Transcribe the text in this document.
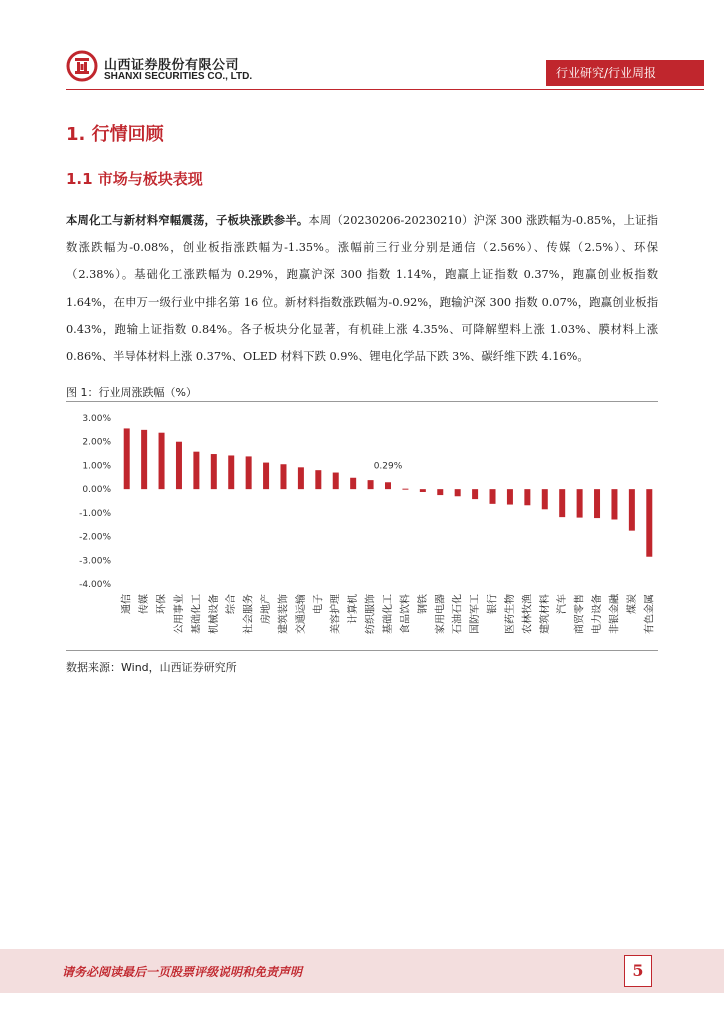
山西证券股份有限公司
SHANXI SECURITIES CO., LTD.	行业研究/行业周报
1. 行情回顾
1.1 市场与板块表现
本周化工与新材料窄幅震荡，子板块涨跌参半。本周（20230206-20230210）沪深 300 涨跌幅为-0.85%，上证指数涨跌幅为-0.08%，创业板指涨跌幅为-1.35%。涨幅前三行业分别是通信（2.56%）、传媒（2.5%）、环保（2.38%）。基础化工涨跌幅为 0.29%，跑赢沪深 300 指数 1.14%，跑赢上证指数 0.37%，跑赢创业板指数 1.64%，在申万一级行业中排名第 16 位。新材料指数涨跌幅为-0.92%，跑输沪深 300 指数 0.07%，跑赢创业板指 0.43%，跑输上证指数 0.84%。各子板块分化显著，有机硅上涨 4.35%、可降解塑料上涨 1.03%、膜材料上涨 0.86%、半导体材料上涨 0.37%、OLED 材料下跌 0.9%、锂电化学品下跌 3%、碳纤维下跌 4.16%。
图 1：行业周涨跌幅（%）
3.00%
2.00%
1.00%
0.00%
-1.00%
-2.00%
-3.00%
-4.00%
通信 传媒 环保 公用事业 基础化工 机械设备 综合 社会服务 房地产 建筑装饰 交通运输 电子 美容护理 计算机 纺织服饰 基础化工 食品饮料 钢铁 家用电器 石油石化 国防军工 银行 医药生物 农林牧渔 建筑材料 汽车 商贸零售 电力设备 非银金融 煤炭 有色金属
0.29%
数据来源：Wind，山西证券研究所
请务必阅读最后一页股票评级说明和免责声明	5
